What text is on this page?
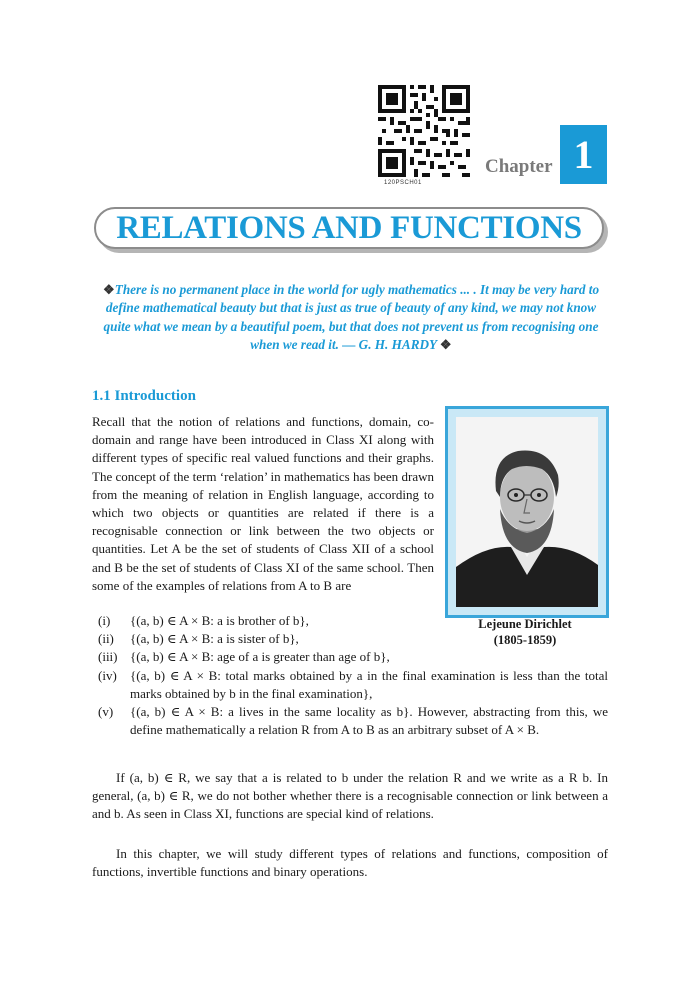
120PSCH01
Chapter 1
RELATIONS AND FUNCTIONS
❖There is no permanent place in the world for ugly mathematics ... . It may be very hard to define mathematical beauty but that is just as true of beauty of any kind, we may not know quite what we mean by a beautiful poem, but that does not prevent us from recognising one when we read it. — G. H. HARDY ❖
1.1 Introduction
Recall that the notion of relations and functions, domain, co-domain and range have been introduced in Class XI along with different types of specific real valued functions and their graphs. The concept of the term ‘relation’ in mathematics has been drawn from the meaning of relation in English language, according to which two objects or quantities are related if there is a recognisable connection or link between the two objects or quantities. Let A be the set of students of Class XII of a school and B be the set of students of Class XI of the same school. Then some of the examples of relations from A to B are
Lejeune Dirichlet
(1805-1859)
(i)	{(a, b) ∈ A × B: a is brother of b},
(ii)	{(a, b) ∈ A × B: a is sister of b},
(iii) {(a, b) ∈ A × B: age of a is greater than age of b},
(iv)	{(a, b) ∈ A × B: total marks obtained by a in the final examination is less than the total marks obtained by b in the final examination},
(v)	{(a, b) ∈ A × B: a lives in the same locality as b}. However, abstracting from this, we define mathematically a relation R from A to B as an arbitrary subset of A × B.
If (a, b) ∈ R, we say that a is related to b under the relation R and we write as a R b. In general, (a, b) ∈ R, we do not bother whether there is a recognisable connection or link between a and b. As seen in Class XI, functions are special kind of relations.
In this chapter, we will study different types of relations and functions, composition of functions, invertible functions and binary operations.
